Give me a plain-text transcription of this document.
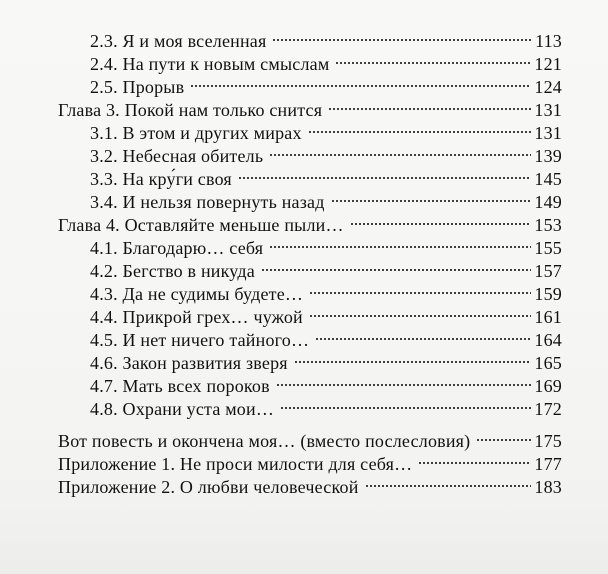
2.3. Я и моя вселенная	113
2.4. На пути к новым смыслам	121
2.5. Прорыв	124
Глава 3. Покой нам только снится	131
3.1. В этом и других мирах	131
3.2. Небесная обитель	139
3.3. На кру́ги своя	145
3.4. И нельзя повернуть назад	149
Глава 4. Оставляйте меньше пыли…	153
4.1. Благодарю… себя	155
4.2. Бегство в никуда	157
4.3. Да не судимы будете…	159
4.4. Прикрой грех… чужой	161
4.5. И нет ничего тайного…	164
4.6. Закон развития зверя	165
4.7. Мать всех пороков	169
4.8. Охрани уста мои…	172
Вот повесть и окончена моя… (вместо послесловия)	175
Приложение 1. Не проси милости для себя…	177
Приложение 2. О любви человеческой	183
